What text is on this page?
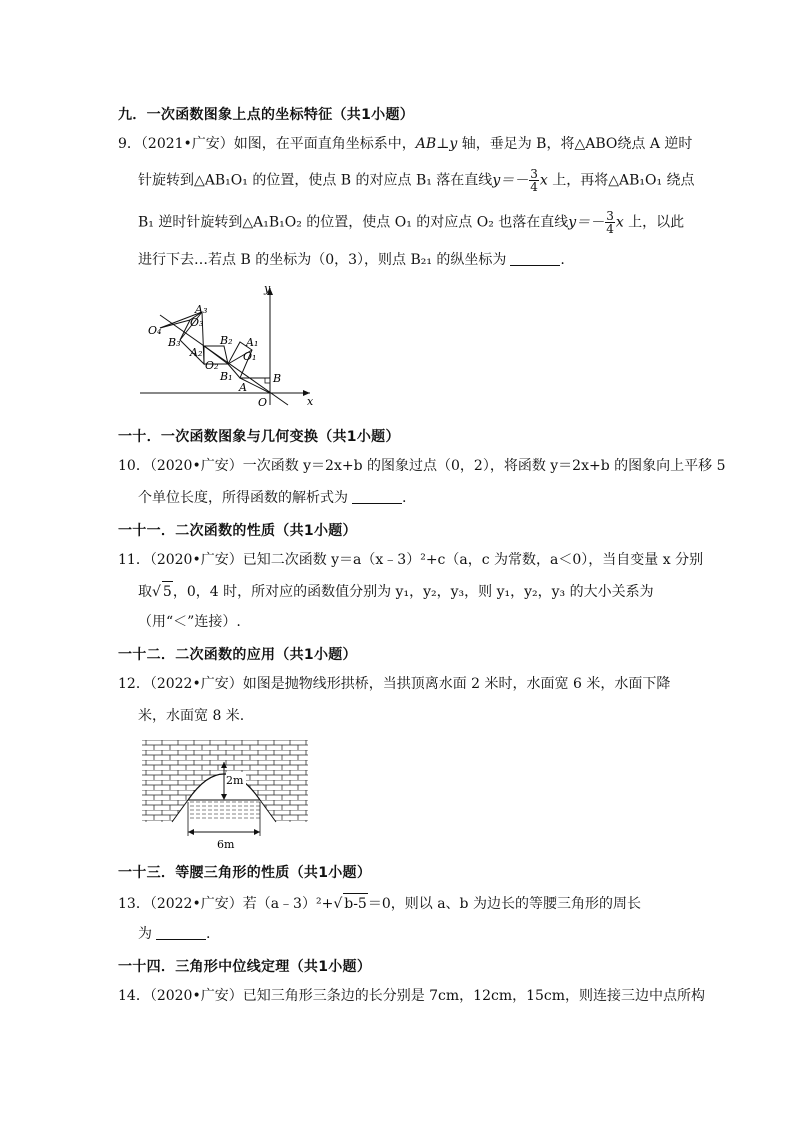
九．一次函数图象上点的坐标特征（共1小题）
9．（2021•广安）如图，在平面直角坐标系中，AB⊥y 轴，垂足为 B，将△ABO绕点 A 逆时
针旋转到△AB₁O₁ 的位置，使点 B 的对应点 B₁ 落在直线$y=- \frac{3}{4}$ x 上，再将△AB₁O₁ 绕点
B₁ 逆时针旋转到△A₁B₁O₂ 的位置，使点 O₁ 的对应点 O₂ 也落在直线$y=- \frac{3}{4}$ x 上，以此
进行下去…若点 B 的坐标为（0，3），则点 B₂₁ 的纵坐标为	.
y
x
O
A
B
B₁
O₁
A₁
B₂
O₂
A₂
B₃
O₃
A₃
O₄
一十．一次函数图象与几何变换（共1小题）
10．（2020•广安）一次函数 y＝2x+b 的图象过点（0，2），将函数 y＝2x+b 的图象向上平移 5
个单位长度，所得函数的解析式为	.
一十一．二次函数的性质（共1小题）
11．（2020•广安）已知二次函数 y＝a（x﹣3）²+c（a，c 为常数，a＜0），当自变量 x 分别
取√ 5，0，4 时，所对应的函数值分别为 y₁，y₂，y₃，则 y₁，y₂，y₃ 的大小关系为
（用“＜”连接）.
一十二．二次函数的应用（共1小题）
12．（2022•广安）如图是抛物线形拱桥，当拱顶离水面 2 米时，水面宽 6 米，水面下降
米，水面宽 8 米.
2m
6m
一十三．等腰三角形的性质（共1小题）
13．（2022•广安）若（a﹣3）²+√ b-5＝0，则以 a、b 为边长的等腰三角形的周长
为	.
一十四．三角形中位线定理（共1小题）
14．（2020•广安）已知三角形三条边的长分别是 7cm，12cm，15cm，则连接三边中点所构
